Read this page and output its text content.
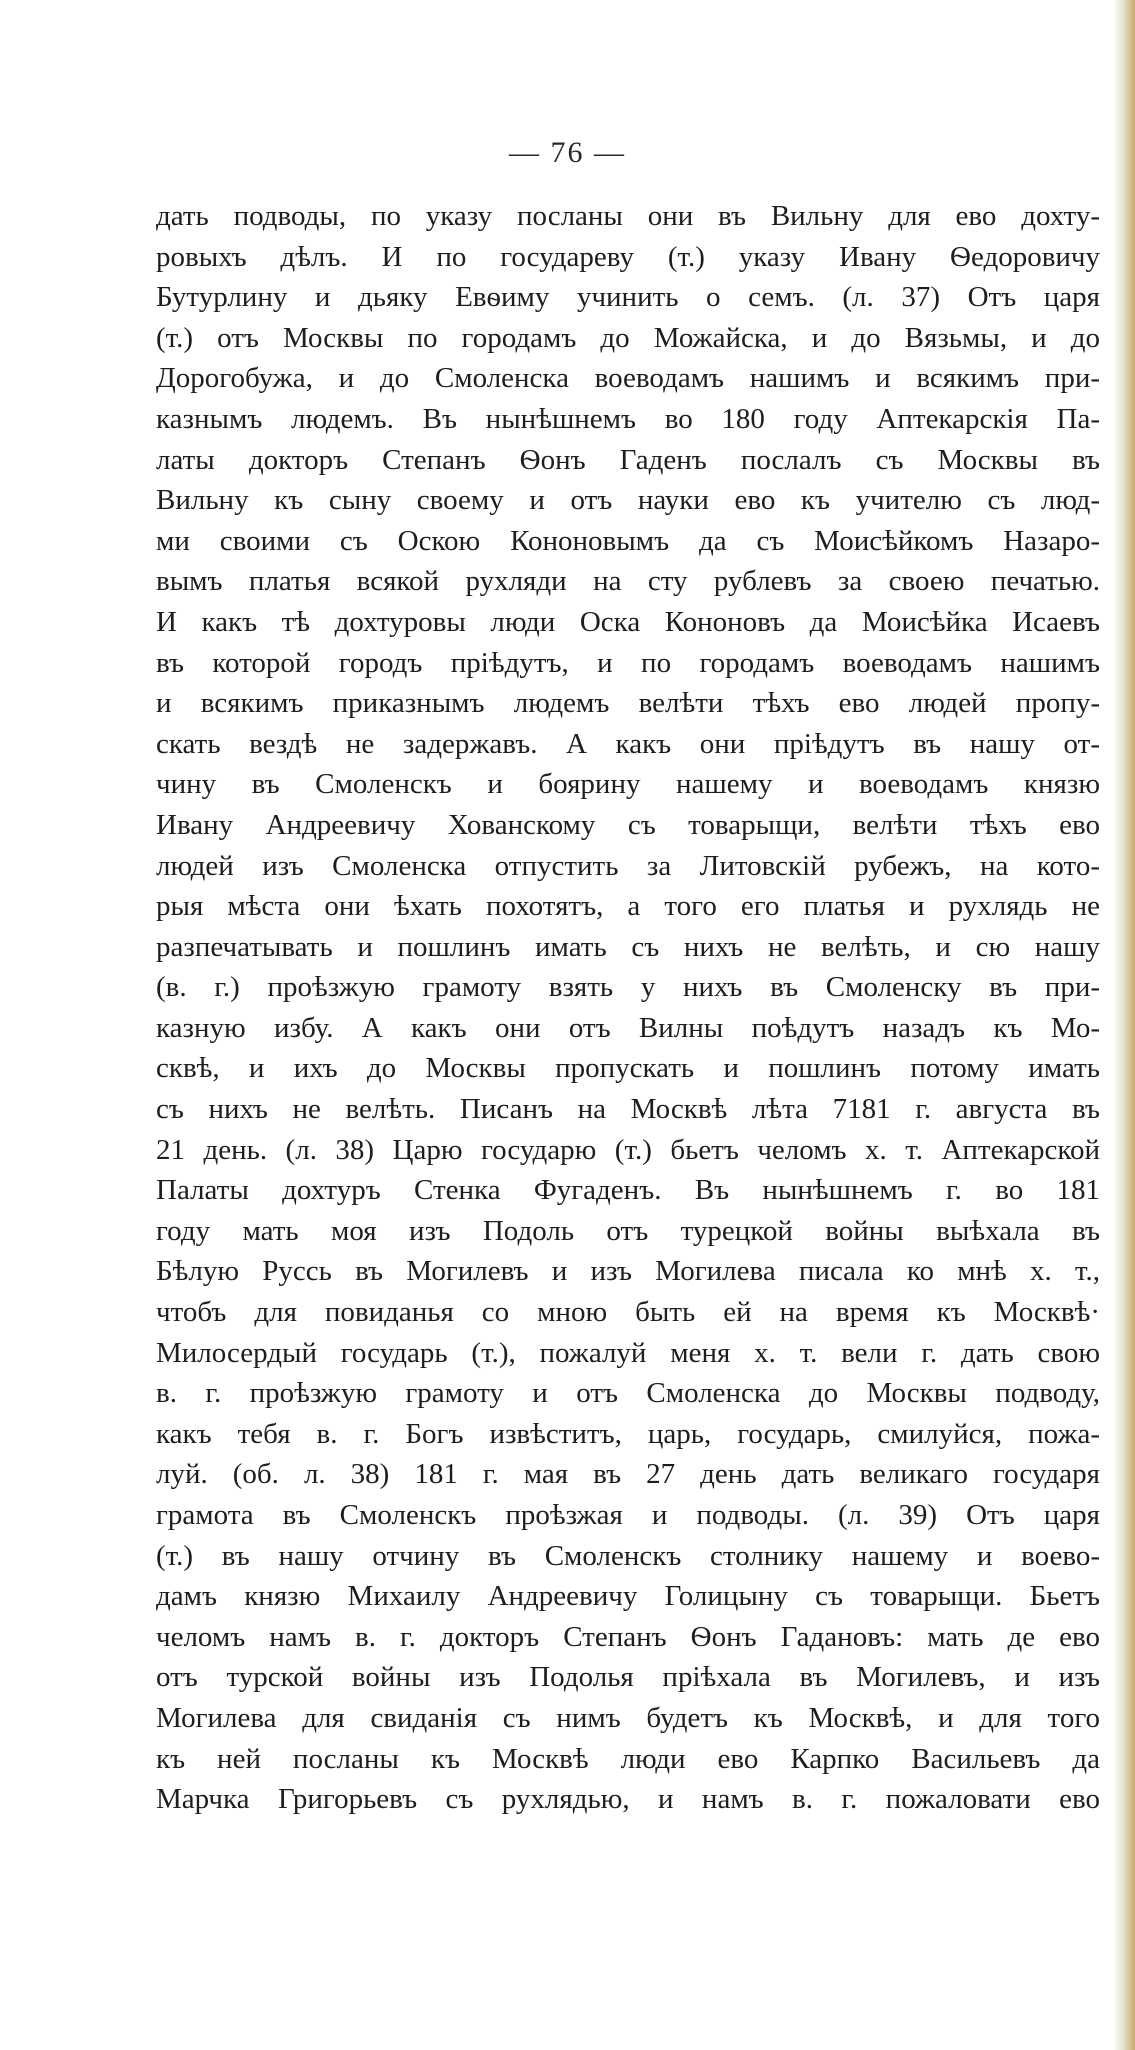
— 76 —
дать подводы, по указу посланы они въ Вильну для ево дохту-
ровыхъ дѣлъ. И по государеву (т.) указу Ивану Ѳедоровичу
Бутурлину и дьяку Евѳиму учинить о семъ. (л. 37) Отъ царя
(т.) отъ Москвы по городамъ до Можайска, и до Вязьмы, и до
Дорогобужа, и до Смоленска воеводамъ нашимъ и всякимъ при-
казнымъ людемъ. Въ нынѣшнемъ во 180 году Аптекарскія Па-
латы докторъ Степанъ Ѳонъ Гаденъ послалъ съ Москвы въ
Вильну къ сыну своему и отъ науки ево къ учителю съ люд-
ми своими съ Оскою Кононовымъ да съ Моисѣйкомъ Назаро-
вымъ платья всякой рухляди на сту рублевъ за своею печатью.
И какъ тѣ дохтуровы люди Оска Кононовъ да Моисѣйка Исаевъ
въ которой городъ пріѣдутъ, и по городамъ воеводамъ нашимъ
и всякимъ приказнымъ людемъ велѣти тѣхъ ево людей пропу-
скать вездѣ не задержавъ. А какъ они пріѣдутъ въ нашу от-
чину въ Смоленскъ и боярину нашему и воеводамъ князю
Ивану Андреевичу Хованскому съ товарыщи, велѣти тѣхъ ево
людей изъ Смоленска отпустить за Литовскій рубежъ, на кото-
рыя мѣста они ѣхать похотятъ, а того его платья и рухлядь не
разпечатывать и пошлинъ имать съ нихъ не велѣть, и сю нашу
(в. г.) проѣзжую грамоту взять у нихъ въ Смоленску въ при-
казную избу. А какъ они отъ Вилны поѣдутъ назадъ къ Мо-
сквѣ, и ихъ до Москвы пропускать и пошлинъ потому имать
съ нихъ не велѣть. Писанъ на Москвѣ лѣта 7181 г. августа въ
21 день. (л. 38) Царю государю (т.) бьетъ челомъ х. т. Аптекарской
Палаты дохтуръ Стенка Фугаденъ. Въ нынѣшнемъ г. во 181
году мать моя изъ Подоль отъ турецкой войны выѣхала въ
Бѣлую Руссь въ Могилевъ и изъ Могилева писала ко мнѣ х. т.,
чтобъ для повиданья со мною быть ей на время къ Москвѣ·
Милосердый государь (т.), пожалуй меня х. т. вели г. дать свою
в. г. проѣзжую грамоту и отъ Смоленска до Москвы подводу,
какъ тебя в. г. Богъ извѣститъ, царь, государь, смилуйся, пожа-
луй. (об. л. 38) 181 г. мая въ 27 день дать великаго государя
грамота въ Смоленскъ проѣзжая и подводы. (л. 39) Отъ царя
(т.) въ нашу отчину въ Смоленскъ столнику нашему и воево-
дамъ князю Михаилу Андреевичу Голицыну съ товарыщи. Бьетъ
челомъ намъ в. г. докторъ Степанъ Ѳонъ Гадановъ: мать де ево
отъ турской войны изъ Подолья пріѣхала въ Могилевъ, и изъ
Могилева для свиданія съ нимъ будетъ къ Москвѣ, и для того
къ ней посланы къ Москвѣ люди ево Карпко Васильевъ да
Марчка Григорьевъ съ рухлядью, и намъ в. г. пожаловати ево
